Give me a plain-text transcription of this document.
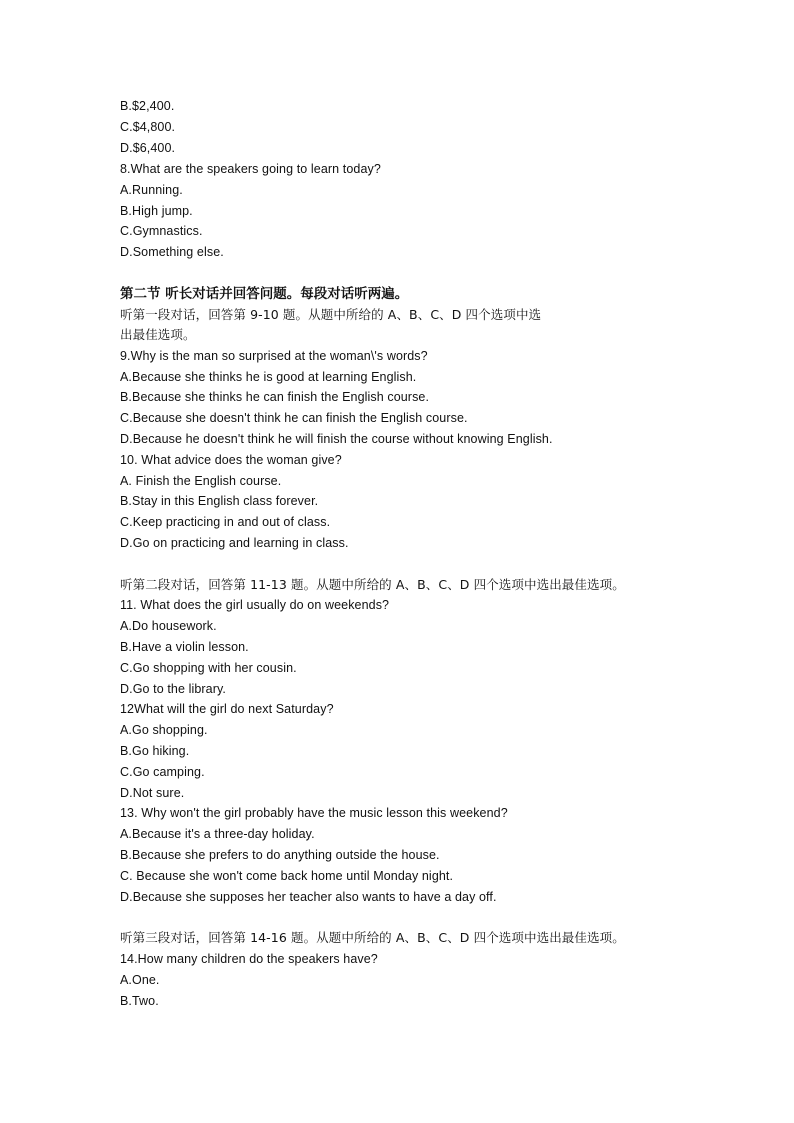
B.$2,400.
C.$4,800.
D.$6,400.
8.What are the speakers going to learn today?
A.Running.
B.High jump.
C.Gymnastics.
D.Something else.
第二节 听长对话并回答问题。每段对话听两遍。
听第一段对话，回答第 9-10 题。从题中所给的 A、B、C、D 四个选项中选
出最佳选项。
9.Why is the man so surprised at the woman\'s words?
A.Because she thinks he is good at learning English.
B.Because she thinks he can finish the English course.
C.Because she doesn't think he can finish the English course.
D.Because he doesn't think he will finish the course without knowing English.
10. What advice does the woman give?
A. Finish the English course.
B.Stay in this English class forever.
C.Keep practicing in and out of class.
D.Go on practicing and learning in class.
听第二段对话，回答第 11-13 题。从题中所给的 A、B、C、D 四个选项中选出最佳选项。
11. What does the girl usually do on weekends?
A.Do housework.
B.Have a violin lesson.
C.Go shopping with her cousin.
D.Go to the library.
12What will the girl do next Saturday?
A.Go shopping.
B.Go hiking.
C.Go camping.
D.Not sure.
13. Why won't the girl probably have the music lesson this weekend?
A.Because it's a three-day holiday.
B.Because she prefers to do anything outside the house.
C. Because she won't come back home until Monday night.
D.Because she supposes her teacher also wants to have a day off.
听第三段对话，回答第 14-16 题。从题中所给的 A、B、C、D 四个选项中选出最佳选项。
14.How many children do the speakers have?
A.One.
B.Two.
